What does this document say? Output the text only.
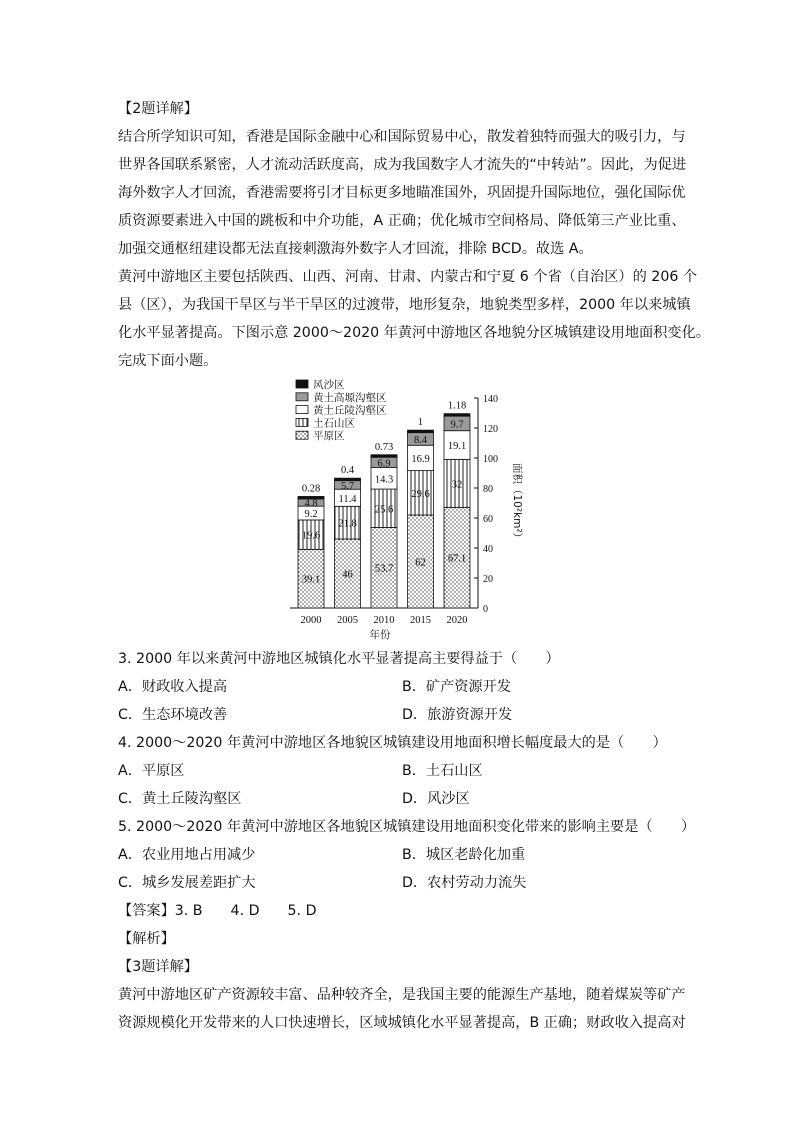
【2题详解】
结合所学知识可知，香港是国际金融中心和国际贸易中心，散发着独特而强大的吸引力，与
世界各国联系紧密，人才流动活跃度高，成为我国数字人才流失的“中转站”。因此，为促进
海外数字人才回流，香港需要将引才目标更多地瞄准国外，巩固提升国际地位，强化国际优
质资源要素进入中国的跳板和中介功能，A 正确；优化城市空间格局、降低第三产业比重、
加强交通枢纽建设都无法直接刺激海外数字人才回流，排除 BCD。故选 A。
黄河中游地区主要包括陕西、山西、河南、甘肃、内蒙古和宁夏 6 个省（自治区）的 206 个
县（区），为我国干旱区与半干旱区的过渡带，地形复杂，地貌类型多样，2000 年以来城镇
化水平显著提高。下图示意 2000～2020 年黄河中游地区各地貌分区城镇建设用地面积变化。
完成下面小题。
0
20
40
60
80
100
120
140
面积（10²km²）
39.1
19.6
9.2
4.8
0.28
2000
46
21.8
11.4
5.7
0.4
2005
53.7
25.6
14.3
6.9
0.73
2010
62
29.6
16.9
8.4
1
2015
67.1
32
19.1
9.7
1.18
2020
年份
风沙区
黄土高塬沟壑区
黄土丘陵沟壑区
土石山区
平原区
3. 2000 年以来黄河中游地区城镇化水平显著提高主要得益于（　　）
A．财政收入提高	B．矿产资源开发
C．生态环境改善	D．旅游资源开发
4. 2000～2020 年黄河中游地区各地貌区城镇建设用地面积增长幅度最大的是（　　）
A．平原区	B．土石山区
C．黄土丘陵沟壑区	D．风沙区
5. 2000～2020 年黄河中游地区各地貌区城镇建设用地面积变化带来的影响主要是（　　）
A．农业用地占用减少	B．城区老龄化加重
C．城乡发展差距扩大	D．农村劳动力流失
【答案】3. B 4. D 5. D
【解析】
【3题详解】
黄河中游地区矿产资源较丰富、品种较齐全，是我国主要的能源生产基地，随着煤炭等矿产
资源规模化开发带来的人口快速增长，区域城镇化水平显著提高，B 正确；财政收入提高对
